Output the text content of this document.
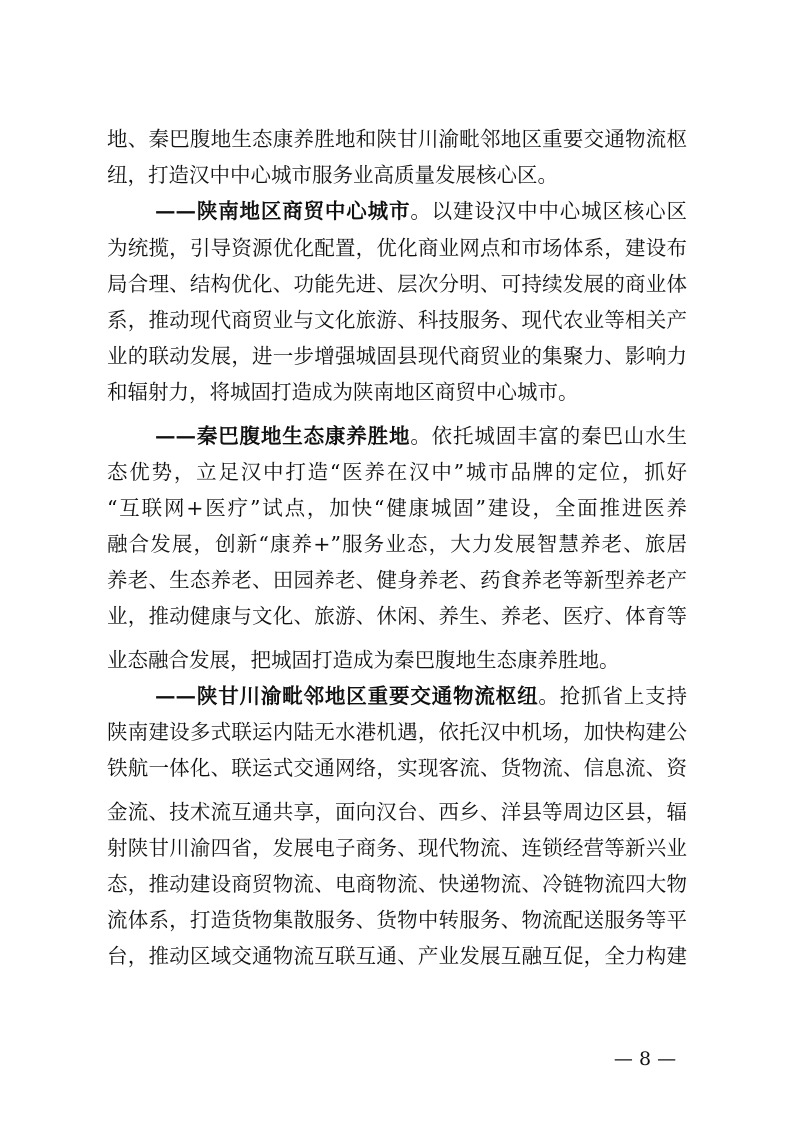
地、秦巴腹地生态康养胜地和陕甘川渝毗邻地区重要交通物流枢
纽，打造汉中中心城市服务业高质量发展核心区。
——陕南地区商贸中心城市。以建设汉中中心城区核心区
为统揽，引导资源优化配置，优化商业网点和市场体系，建设布
局合理、结构优化、功能先进、层次分明、可持续发展的商业体
系，推动现代商贸业与文化旅游、科技服务、现代农业等相关产
业的联动发展，进一步增强城固县现代商贸业的集聚力、影响力
和辐射力，将城固打造成为陕南地区商贸中心城市。
——秦巴腹地生态康养胜地。依托城固丰富的秦巴山水生
态优势，立足汉中打造“医养在汉中”城市品牌的定位，抓好
“互联网+医疗”试点，加快“健康城固”建设，全面推进医养
融合发展，创新“康养+”服务业态，大力发展智慧养老、旅居
养老、生态养老、田园养老、健身养老、药食养老等新型养老产
业，推动健康与文化、旅游、休闲、养生、养老、医疗、体育等
业态融合发展，把城固打造成为秦巴腹地生态康养胜地。
——陕甘川渝毗邻地区重要交通物流枢纽。抢抓省上支持
陕南建设多式联运内陆无水港机遇，依托汉中机场，加快构建公
铁航一体化、联运式交通网络，实现客流、货物流、信息流、资
金流、技术流互通共享，面向汉台、西乡、洋县等周边区县，辐
射陕甘川渝四省，发展电子商务、现代物流、连锁经营等新兴业
态，推动建设商贸物流、电商物流、快递物流、冷链物流四大物
流体系，打造货物集散服务、货物中转服务、物流配送服务等平
台，推动区域交通物流互联互通、产业发展互融互促，全力构建
— 8 —
